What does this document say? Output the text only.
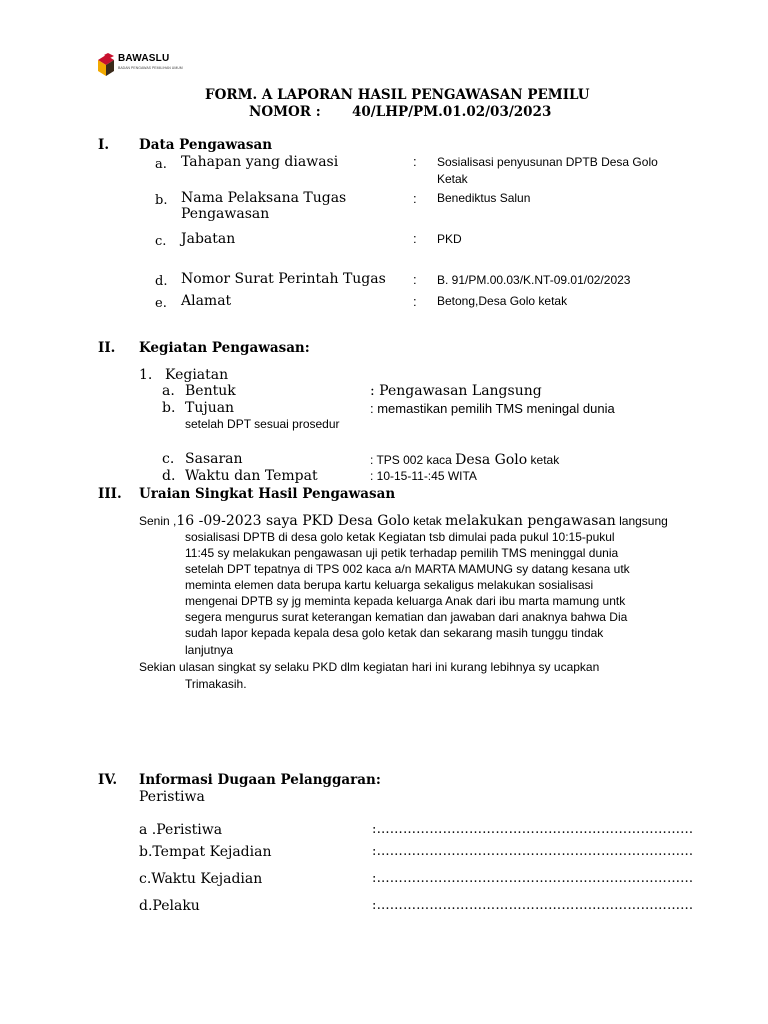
BAWASLU
BADAN PENGAWAS PEMILIHAN UMUM
FORM. A LAPORAN HASIL PENGAWASAN PEMILU
NOMOR : 40/LHP/PM.01.02/03/2023
I. Data Pengawasan
a. Tahapan yang diawasi	: Sosialisasi penyusunan DPTB Desa Golo Ketak
b. Nama Pelaksana Tugas Pengawasan
: Benediktus Salun
c. Jabatan	: PKD
d. Nomor Surat Perintah Tugas : B. 91/PM.00.03/K.NT-09.01/02/2023
e. Alamat	: Betong,Desa Golo ketak
II. Kegiatan Pengawasan:
1. Kegiatan
a. Bentuk	: Pengawasan Langsung
b. Tujuan	: memastikan pemilih TMS meningal dunia
setelah DPT sesuai prosedur
c. Sasaran	: TPS 002 kaca Desa Golo ketak
d. Waktu dan Tempat	: 10-15-11-:45 WITA
III. Uraian Singkat Hasil Pengawasan
Senin ,16 -09-2023 saya PKD Desa Golo ketak melakukan pengawasan langsung
sosialisasi DPTB di desa golo ketak Kegiatan tsb dimulai pada pukul 10:15-pukul
11:45 sy melakukan pengawasan uji petik terhadap pemilih TMS meninggal dunia
setelah DPT tepatnya di TPS 002 kaca a/n MARTA MAMUNG sy datang kesana utk
meminta elemen data berupa kartu keluarga sekaligus melakukan sosialisasi
mengenai DPTB sy jg meminta kepada keluarga Anak dari ibu marta mamung untk
segera mengurus surat keterangan kematian dan jawaban dari anaknya bahwa Dia
sudah lapor kepada kepala desa golo ketak dan sekarang masih tunggu tindak
lanjutnya
Sekian ulasan singkat sy selaku PKD dlm kegiatan hari ini kurang lebihnya sy ucapkan
Trimakasih.
IV. Informasi Dugaan Pelanggaran:
Peristiwa
a .Peristiwa	:………………………………………………………………
b.Tempat Kejadian	:………………………………………………………………
c.Waktu Kejadian	:………………………………………………………………
d.Pelaku	:………………………………………………………………
